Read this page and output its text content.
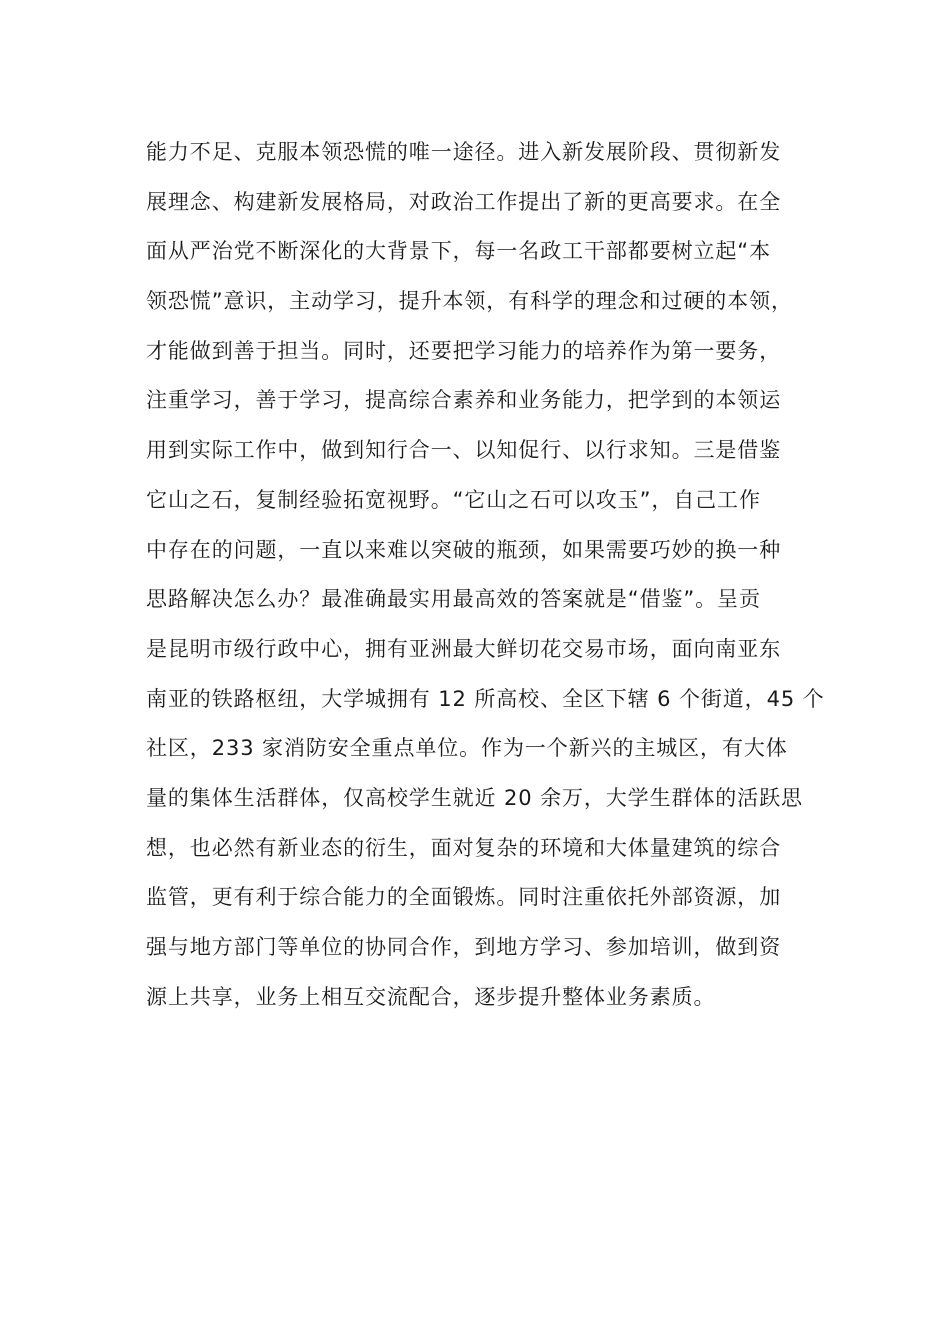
能力不足、克服本领恐慌的唯一途径。进入新发展阶段、贯彻新发
展理念、构建新发展格局，对政治工作提出了新的更高要求。在全
面从严治党不断深化的大背景下，每一名政工干部都要树立起“本
领恐慌”意识，主动学习，提升本领，有科学的理念和过硬的本领，
才能做到善于担当。同时，还要把学习能力的培养作为第一要务，
注重学习，善于学习，提高综合素养和业务能力，把学到的本领运
用到实际工作中，做到知行合一、以知促行、以行求知。三是借鉴
它山之石，复制经验拓宽视野。“它山之石可以攻玉”，自己工作
中存在的问题，一直以来难以突破的瓶颈，如果需要巧妙的换一种
思路解决怎么办？最准确最实用最高效的答案就是“借鉴”。呈贡
是昆明市级行政中心，拥有亚洲最大鲜切花交易市场，面向南亚东
南亚的铁路枢纽，大学城拥有 12 所高校、全区下辖 6 个街道，45 个
社区，233 家消防安全重点单位。作为一个新兴的主城区，有大体
量的集体生活群体，仅高校学生就近 20 余万，大学生群体的活跃思
想，也必然有新业态的衍生，面对复杂的环境和大体量建筑的综合
监管，更有利于综合能力的全面锻炼。同时注重依托外部资源，加
强与地方部门等单位的协同合作，到地方学习、参加培训，做到资
源上共享，业务上相互交流配合，逐步提升整体业务素质。
